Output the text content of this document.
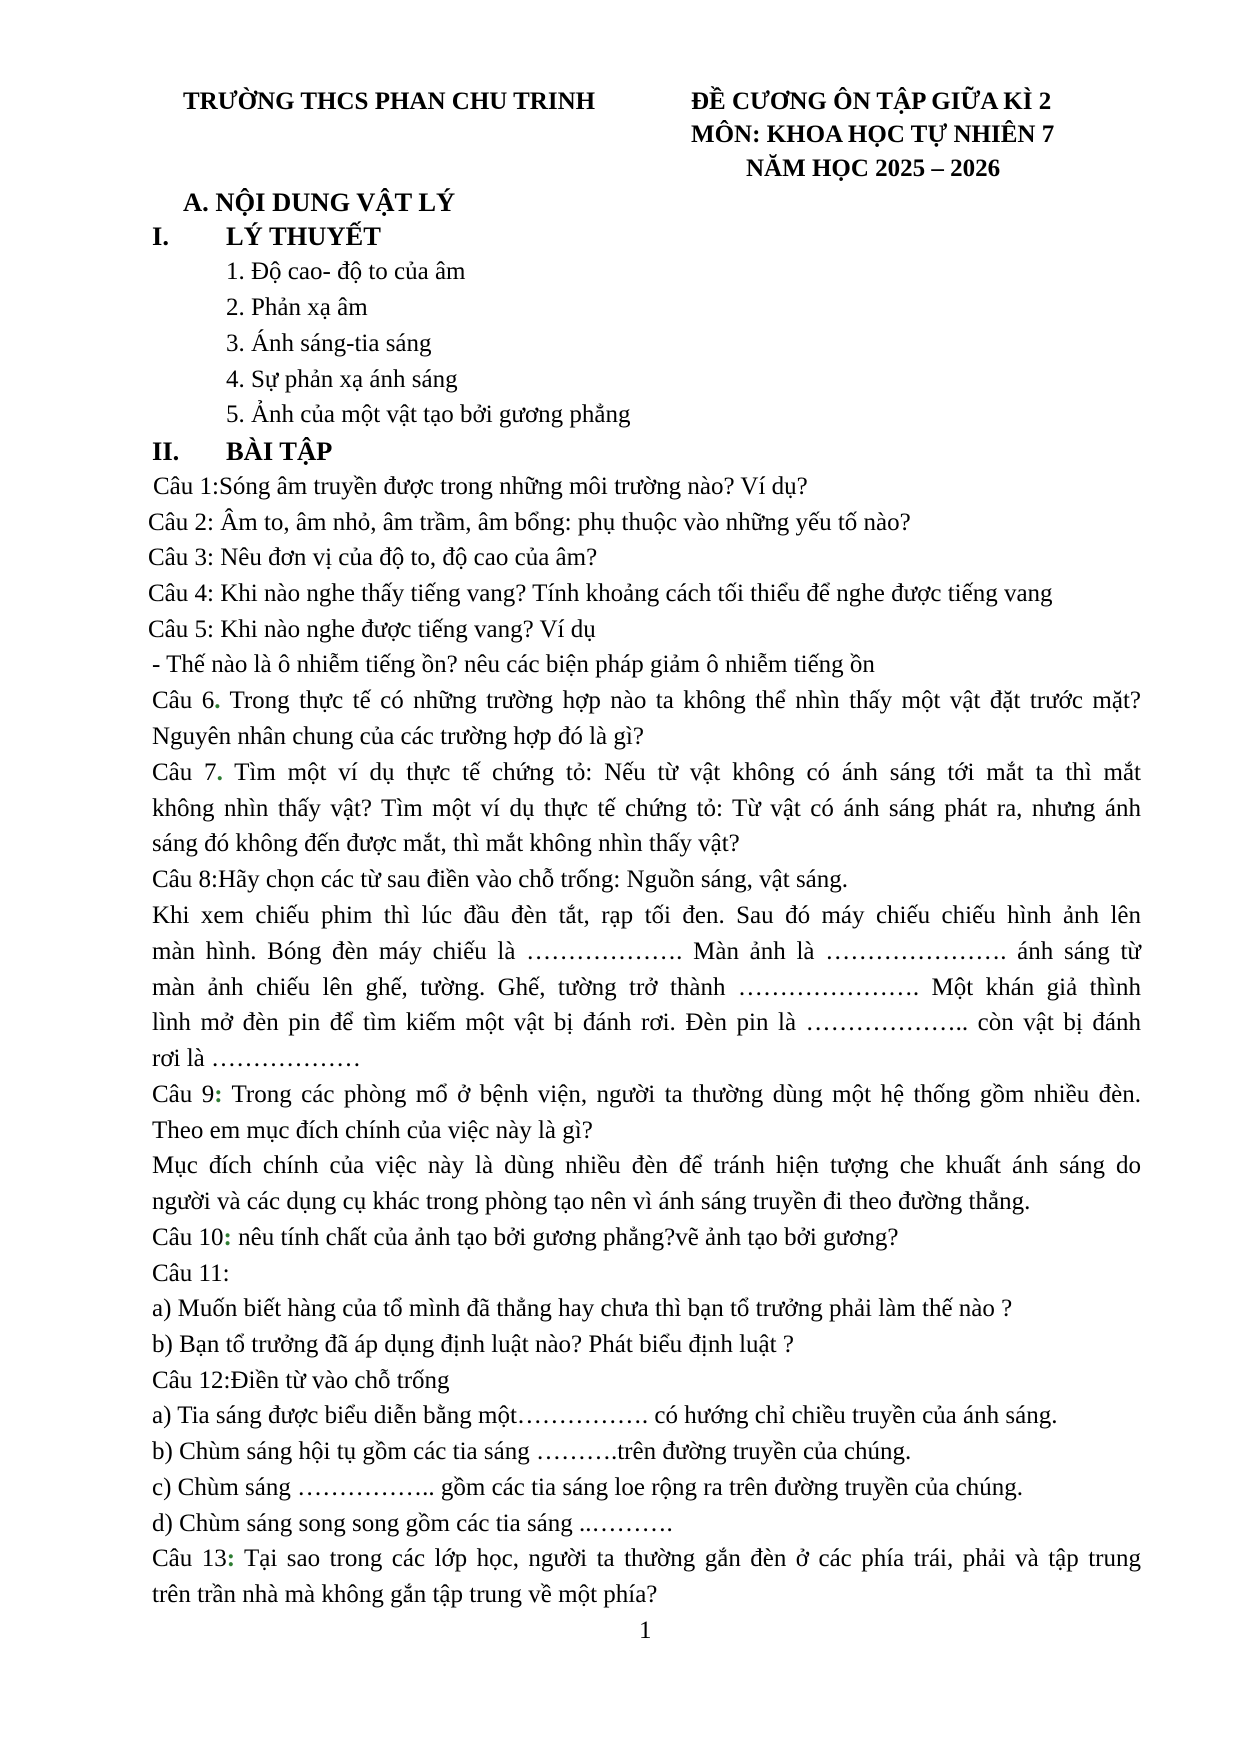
TRƯỜNG THCS PHAN CHU TRINH	ĐỀ CƯƠNG ÔN TẬP GIỮA KÌ 2
MÔN: KHOA HỌC TỰ NHIÊN 7
NĂM HỌC 2025 – 2026
A. NỘI DUNG VẬT LÝ
I. LÝ THUYẾT
1. Độ cao- độ to của âm
2. Phản xạ âm
3. Ánh sáng-tia sáng
4. Sự phản xạ ánh sáng
5. Ảnh của một vật tạo bởi gương phẳng
II. BÀI TẬP
Câu 1:Sóng âm truyền được trong những môi trường nào? Ví dụ?
Câu 2: Âm to, âm nhỏ, âm trầm, âm bổng: phụ thuộc vào những yếu tố nào?
Câu 3: Nêu đơn vị của độ to, độ cao của âm?
Câu 4: Khi nào nghe thấy tiếng vang? Tính khoảng cách tối thiểu để nghe được tiếng vang
Câu 5: Khi nào nghe được tiếng vang? Ví dụ
- Thế nào là ô nhiễm tiếng ồn? nêu các biện pháp giảm ô nhiễm tiếng ồn
Câu 6. Trong thực tế có những trường hợp nào ta không thể nhìn thấy một vật đặt trước mặt?
Nguyên nhân chung của các trường hợp đó là gì?
Câu 7. Tìm một ví dụ thực tế chứng tỏ: Nếu từ vật không có ánh sáng tới mắt ta thì mắt
không nhìn thấy vật? Tìm một ví dụ thực tế chứng tỏ: Từ vật có ánh sáng phát ra, nhưng ánh
sáng đó không đến được mắt, thì mắt không nhìn thấy vật?
Câu 8:Hãy chọn các từ sau điền vào chỗ trống: Nguồn sáng, vật sáng.
Khi xem chiếu phim thì lúc đầu đèn tắt, rạp tối đen. Sau đó máy chiếu chiếu hình ảnh lên
màn hình. Bóng đèn máy chiếu là ………………. Màn ảnh là …………………. ánh sáng từ
màn ảnh chiếu lên ghế, tường. Ghế, tường trở thành …………………. Một khán giả thình
lình mở đèn pin để tìm kiếm một vật bị đánh rơi. Đèn pin là ……………….. còn vật bị đánh
rơi là ………………
Câu 9: Trong các phòng mổ ở bệnh viện, người ta thường dùng một hệ thống gồm nhiều đèn.
Theo em mục đích chính của việc này là gì?
Mục đích chính của việc này là dùng nhiều đèn để tránh hiện tượng che khuất ánh sáng do
người và các dụng cụ khác trong phòng tạo nên vì ánh sáng truyền đi theo đường thẳng.
Câu 10: nêu tính chất của ảnh tạo bởi gương phẳng?vẽ ảnh tạo bởi gương?
Câu 11:
a) Muốn biết hàng của tổ mình đã thẳng hay chưa thì bạn tổ trưởng phải làm thế nào ?
b) Bạn tổ trưởng đã áp dụng định luật nào? Phát biểu định luật ?
Câu 12:Điền từ vào chỗ trống
a) Tia sáng được biểu diễn bằng một……………. có hướng chỉ chiều truyền của ánh sáng.
b) Chùm sáng hội tụ gồm các tia sáng ……….trên đường truyền của chúng.
c) Chùm sáng …………….. gồm các tia sáng loe rộng ra trên đường truyền của chúng.
d) Chùm sáng song song gồm các tia sáng ..……….
Câu 13: Tại sao trong các lớp học, người ta thường gắn đèn ở các phía trái, phải và tập trung
trên trần nhà mà không gắn tập trung về một phía?
1
